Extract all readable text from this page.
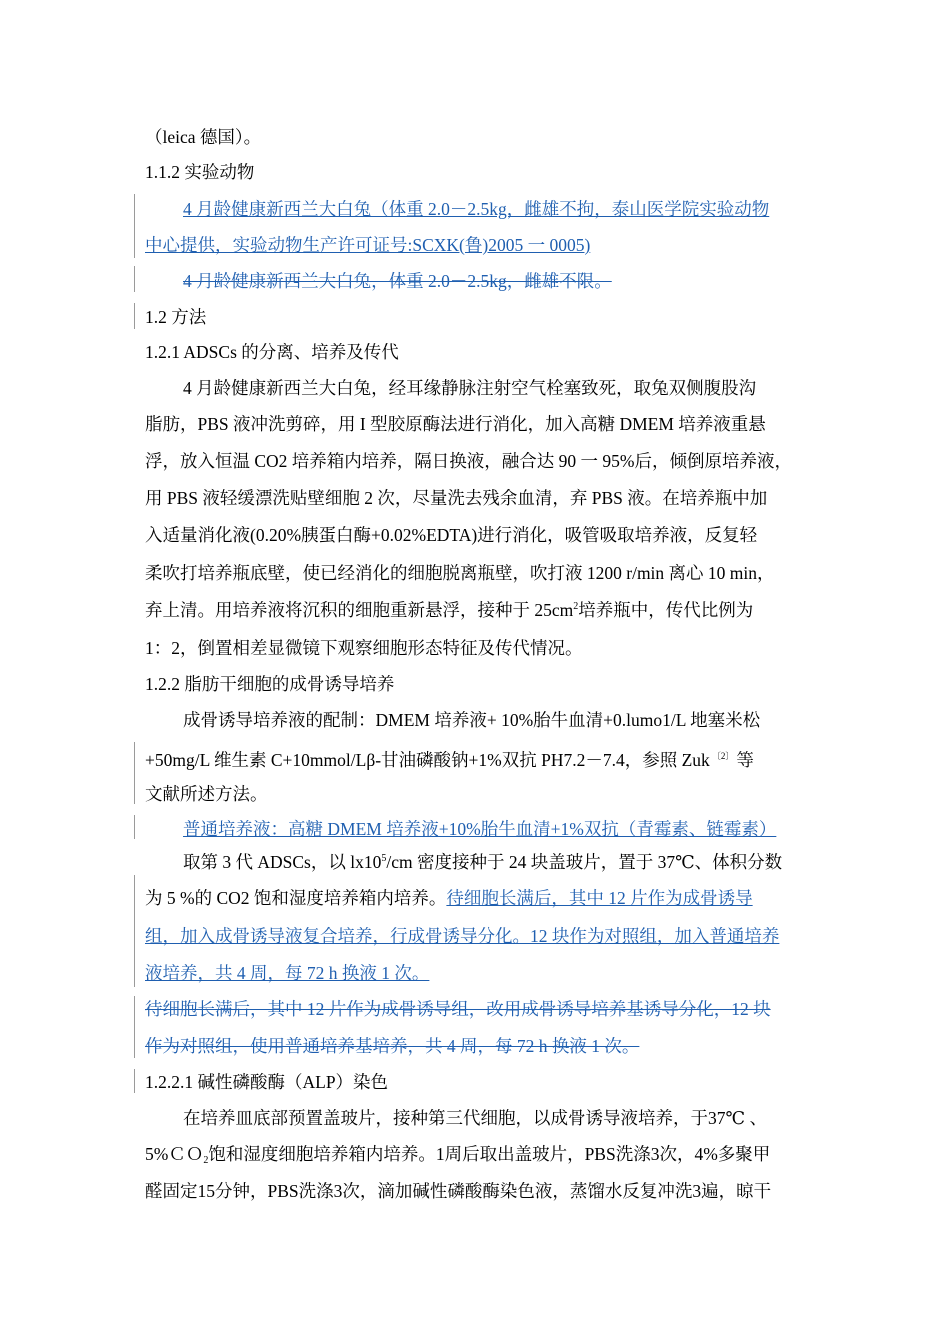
（leica 德国）。
1.1.2 实验动物
4 月龄健康新西兰大白兔（体重 2.0－2.5kg，雌雄不拘，泰山医学院实验动物
中心提供，实验动物生产许可证号:SCXK(鲁)2005 一 0005)
4 月龄健康新西兰大白兔，体重 2.0－2.5kg，雌雄不限。
1.2 方法
1.2.1 ADSCs 的分离、培养及传代
4 月龄健康新西兰大白兔，经耳缘静脉注射空气栓塞致死，取兔双侧腹股沟
脂肪，PBS 液冲洗剪碎，用 I 型胶原酶法进行消化，加入高糖 DMEM 培养液重悬
浮，放入恒温 CO2 培养箱内培养，隔日换液，融合达 90 一 95%后，倾倒原培养液，
用 PBS 液轻缓漂洗贴壁细胞 2 次，尽量洗去残余血清，弃 PBS 液。在培养瓶中加
入适量消化液(0.20%胰蛋白酶+0.02%EDTA)进行消化，吸管吸取培养液，反复轻
柔吹打培养瓶底壁，使已经消化的细胞脱离瓶壁，吹打液 1200 r/min 离心 10 min，
弃上清。用培养液将沉积的细胞重新悬浮，接种于 $25cm^2$培养瓶中，传代比例为
1：2，倒置相差显微镜下观察细胞形态特征及传代情况。
1.2.2 脂肪干细胞的成骨诱导培养
成骨诱导培养液的配制：DMEM 培养液+ 10%胎牛血清+0.lumo1/L 地塞米松
+50mg/L 维生素 C+10mmol/Lβ-甘油磷酸钠+1%双抗 PH7.2－7.4，参照 Zuk $^{〔2〕}$ 等
文献所述方法。
普通培养液：高糖 DMEM 培养液+10%胎牛血清+1%双抗（青霉素、链霉素）
取第 3 代 ADSCs，以 $lx10^5/cm$ 密度接种于 24 块盖玻片，置于 37℃、体积分数
为 5 %的 CO2 饱和湿度培养箱内培养。待细胞长满后，其中 12 片作为成骨诱导
组，加入成骨诱导液复合培养，行成骨诱导分化。12 块作为对照组，加入普通培养
液培养，共 4 周，每 72 h 换液 1 次。
待细胞长满后，其中 12 片作为成骨诱导组，改用成骨诱导培养基诱导分化，12 块
作为对照组，使用普通培养基培养，共 4 周，每 72 h 换液 1 次。
1.2.2.1 碱性磷酸酶（ALP）染色
在培养皿底部预置盖玻片，接种第三代细胞，以成骨诱导液培养，于37℃ 、
5%ＣＯ$_2$饱和湿度细胞培养箱内培养。1周后取出盖玻片，PBS洗涤3次，4%多聚甲
醛固定15分钟，PBS洗涤3次，滴加碱性磷酸酶染色液，蒸馏水反复冲洗3遍，晾干
